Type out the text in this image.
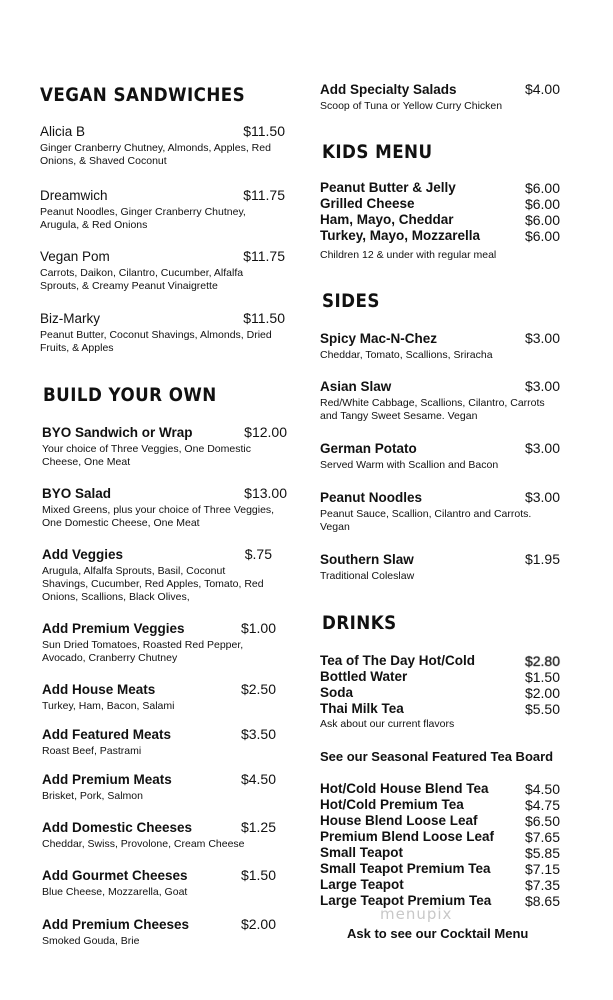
VEGAN SANDWICHES
Alicia B	$11.50
Ginger Cranberry Chutney, Almonds, Apples, Red Onions, & Shaved Coconut
Dreamwich	$11.75
Peanut Noodles, Ginger Cranberry Chutney, Arugula, & Red Onions
Vegan Pom	$11.75
Carrots, Daikon, Cilantro, Cucumber, Alfalfa Sprouts, & Creamy Peanut Vinaigrette
Biz-Marky	$11.50
Peanut Butter, Coconut Shavings, Almonds, Dried Fruits, & Apples
BUILD YOUR OWN
BYO Sandwich or Wrap	$12.00
Your choice of Three Veggies, One Domestic Cheese, One Meat
BYO Salad	$13.00
Mixed Greens, plus your choice of Three Veggies, One Domestic Cheese, One Meat
Add Veggies	$.75
Arugula, Alfalfa Sprouts, Basil, Coconut Shavings, Cucumber, Red Apples, Tomato, Red Onions, Scallions, Black Olives,
Add Premium Veggies	$1.00
Sun Dried Tomatoes, Roasted Red Pepper, Avocado, Cranberry Chutney
Add House Meats	$2.50
Turkey, Ham, Bacon, Salami
Add Featured Meats	$3.50
Roast Beef, Pastrami
Add Premium Meats	$4.50
Brisket, Pork, Salmon
Add Domestic Cheeses	$1.25
Cheddar, Swiss, Provolone, Cream Cheese
Add Gourmet Cheeses	$1.50
Blue Cheese, Mozzarella, Goat
Add Premium Cheeses	$2.00
Smoked Gouda, Brie
Add Specialty Salads	$4.00
Scoop of Tuna or Yellow Curry Chicken
KIDS MENU
Peanut Butter & Jelly	$6.00
Grilled Cheese	$6.00
Ham, Mayo, Cheddar	$6.00
Turkey, Mayo, Mozzarella	$6.00
Children 12 & under with regular meal
SIDES
Spicy Mac-N-Chez	$3.00
Cheddar, Tomato, Scallions, Sriracha
Asian Slaw	$3.00
Red/White Cabbage, Scallions, Cilantro, Carrots and Tangy Sweet Sesame. Vegan
German Potato	$3.00
Served Warm with Scallion and Bacon
Peanut Noodles	$3.00
Peanut Sauce, Scallion, Cilantro and Carrots. Vegan
Southern Slaw	$1.95
Traditional Coleslaw
DRINKS
Tea of The Day Hot/Cold	$2.80
Bottled Water	$1.50
Soda	$2.00
Thai Milk Tea	$5.50
Ask about our current flavors
See our Seasonal Featured Tea Board
Hot/Cold House Blend Tea	$4.50
Hot/Cold Premium Tea	$4.75
House Blend Loose Leaf	$6.50
Premium Blend Loose Leaf $7.65
Small Teapot	$5.85
Small Teapot Premium Tea $7.15
Large Teapot	$7.35
Large Teapot Premium Tea $8.65
Ask to see our Cocktail Menu
menupix
